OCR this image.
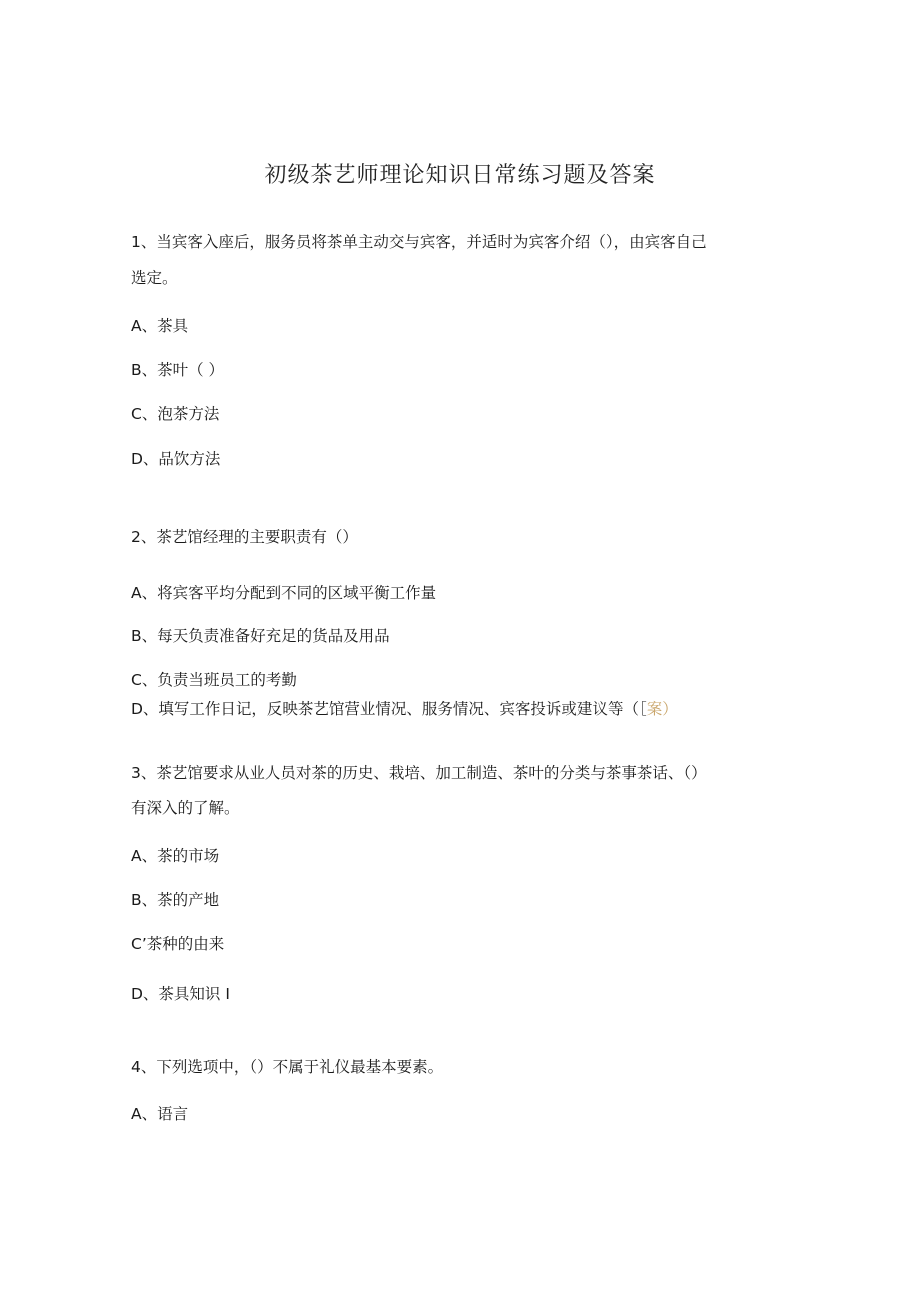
初级茶艺师理论知识日常练习题及答案
1、当宾客入座后，服务员将茶单主动交与宾客，并适时为宾客介绍（），由宾客自己
选定。
A、茶具
B、茶叶（ ）
C、泡茶方法
D、品饮方法
2、茶艺馆经理的主要职责有（）
A、将宾客平均分配到不同的区域平衡工作量
B、每天负责准备好充足的货品及用品
C、负责当班员工的考勤
D、填写工作日记，反映茶艺馆营业情况、服务情况、宾客投诉或建议等（［案）
3、茶艺馆要求从业人员对茶的历史、栽培、加工制造、茶叶的分类与茶事茶话、（）
有深入的了解。
A、茶的市场
B、茶的产地
C’茶种的由来
D、茶具知识 I
4、下列选项中，（）不属于礼仪最基本要素。
A、语言
